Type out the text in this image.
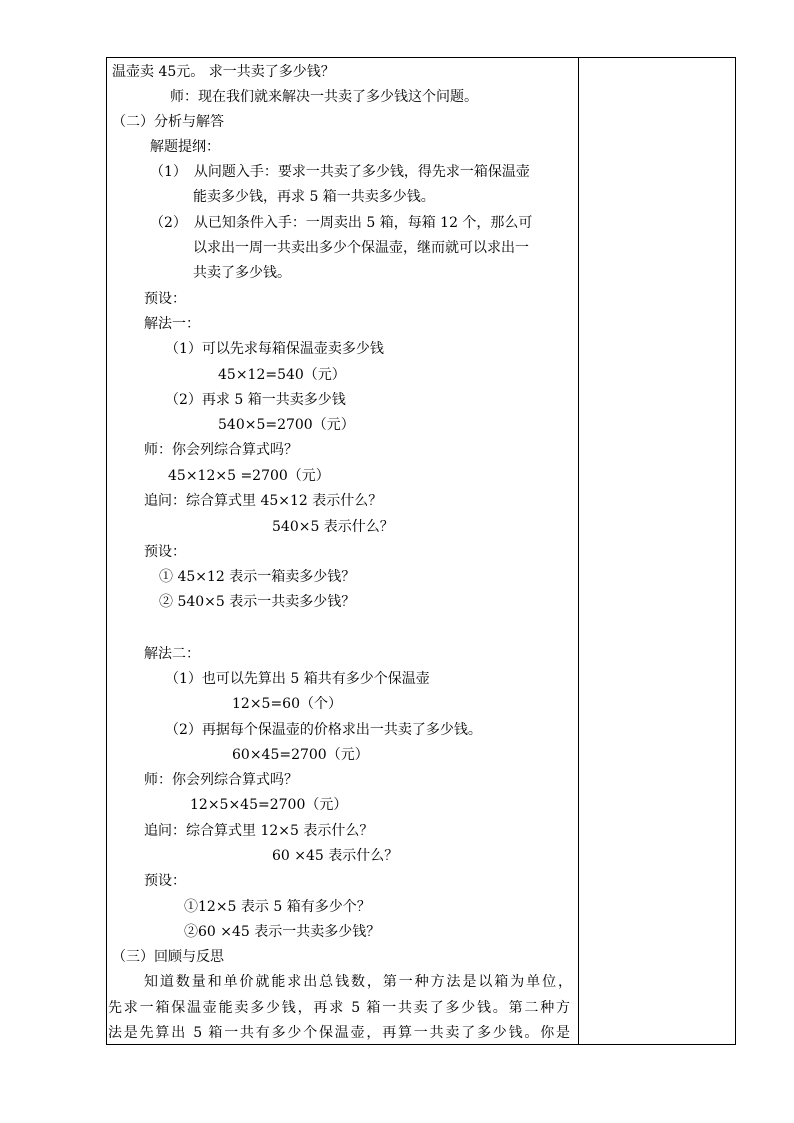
温壶卖 45元。 求一共卖了多少钱？
师：现在我们就来解决一共卖了多少钱这个问题。
（二）分析与解答
解题提纲：
（1）　从问题入手：要求一共卖了多少钱，得先求一箱保温壶
能卖多少钱，再求 5 箱一共卖多少钱。
（2）　从已知条件入手：一周卖出 5 箱，每箱 12 个，那么可
以求出一周一共卖出多少个保温壶，继而就可以求出一
共卖了多少钱。
预设：
解法一：
（1）可以先求每箱保温壶卖多少钱
45×12=540（元）
（2）再求 5 箱一共卖多少钱
540×5=2700（元）
师：你会列综合算式吗？
45×12×5 =2700（元）
追问：综合算式里 45×12 表示什么？
540×5 表示什么？
预设：
① 45×12 表示一箱卖多少钱？
② 540×5 表示一共卖多少钱？
解法二：
（1）也可以先算出 5 箱共有多少个保温壶
12×5=60（个）
（2）再据每个保温壶的价格求出一共卖了多少钱。
60×45=2700（元）
师：你会列综合算式吗？
12×5×45=2700（元）
追问：综合算式里 12×5 表示什么？
60 ×45 表示什么？
预设：
①12×5 表示 5 箱有多少个？
②60 ×45 表示一共卖多少钱？
（三）回顾与反思
知道数量和单价就能求出总钱数，第一种方法是以箱为单位，
先求一箱保温壶能卖多少钱，再求 5 箱一共卖了多少钱。第二种方
法是先算出 5 箱一共有多少个保温壶，再算一共卖了多少钱。你是
